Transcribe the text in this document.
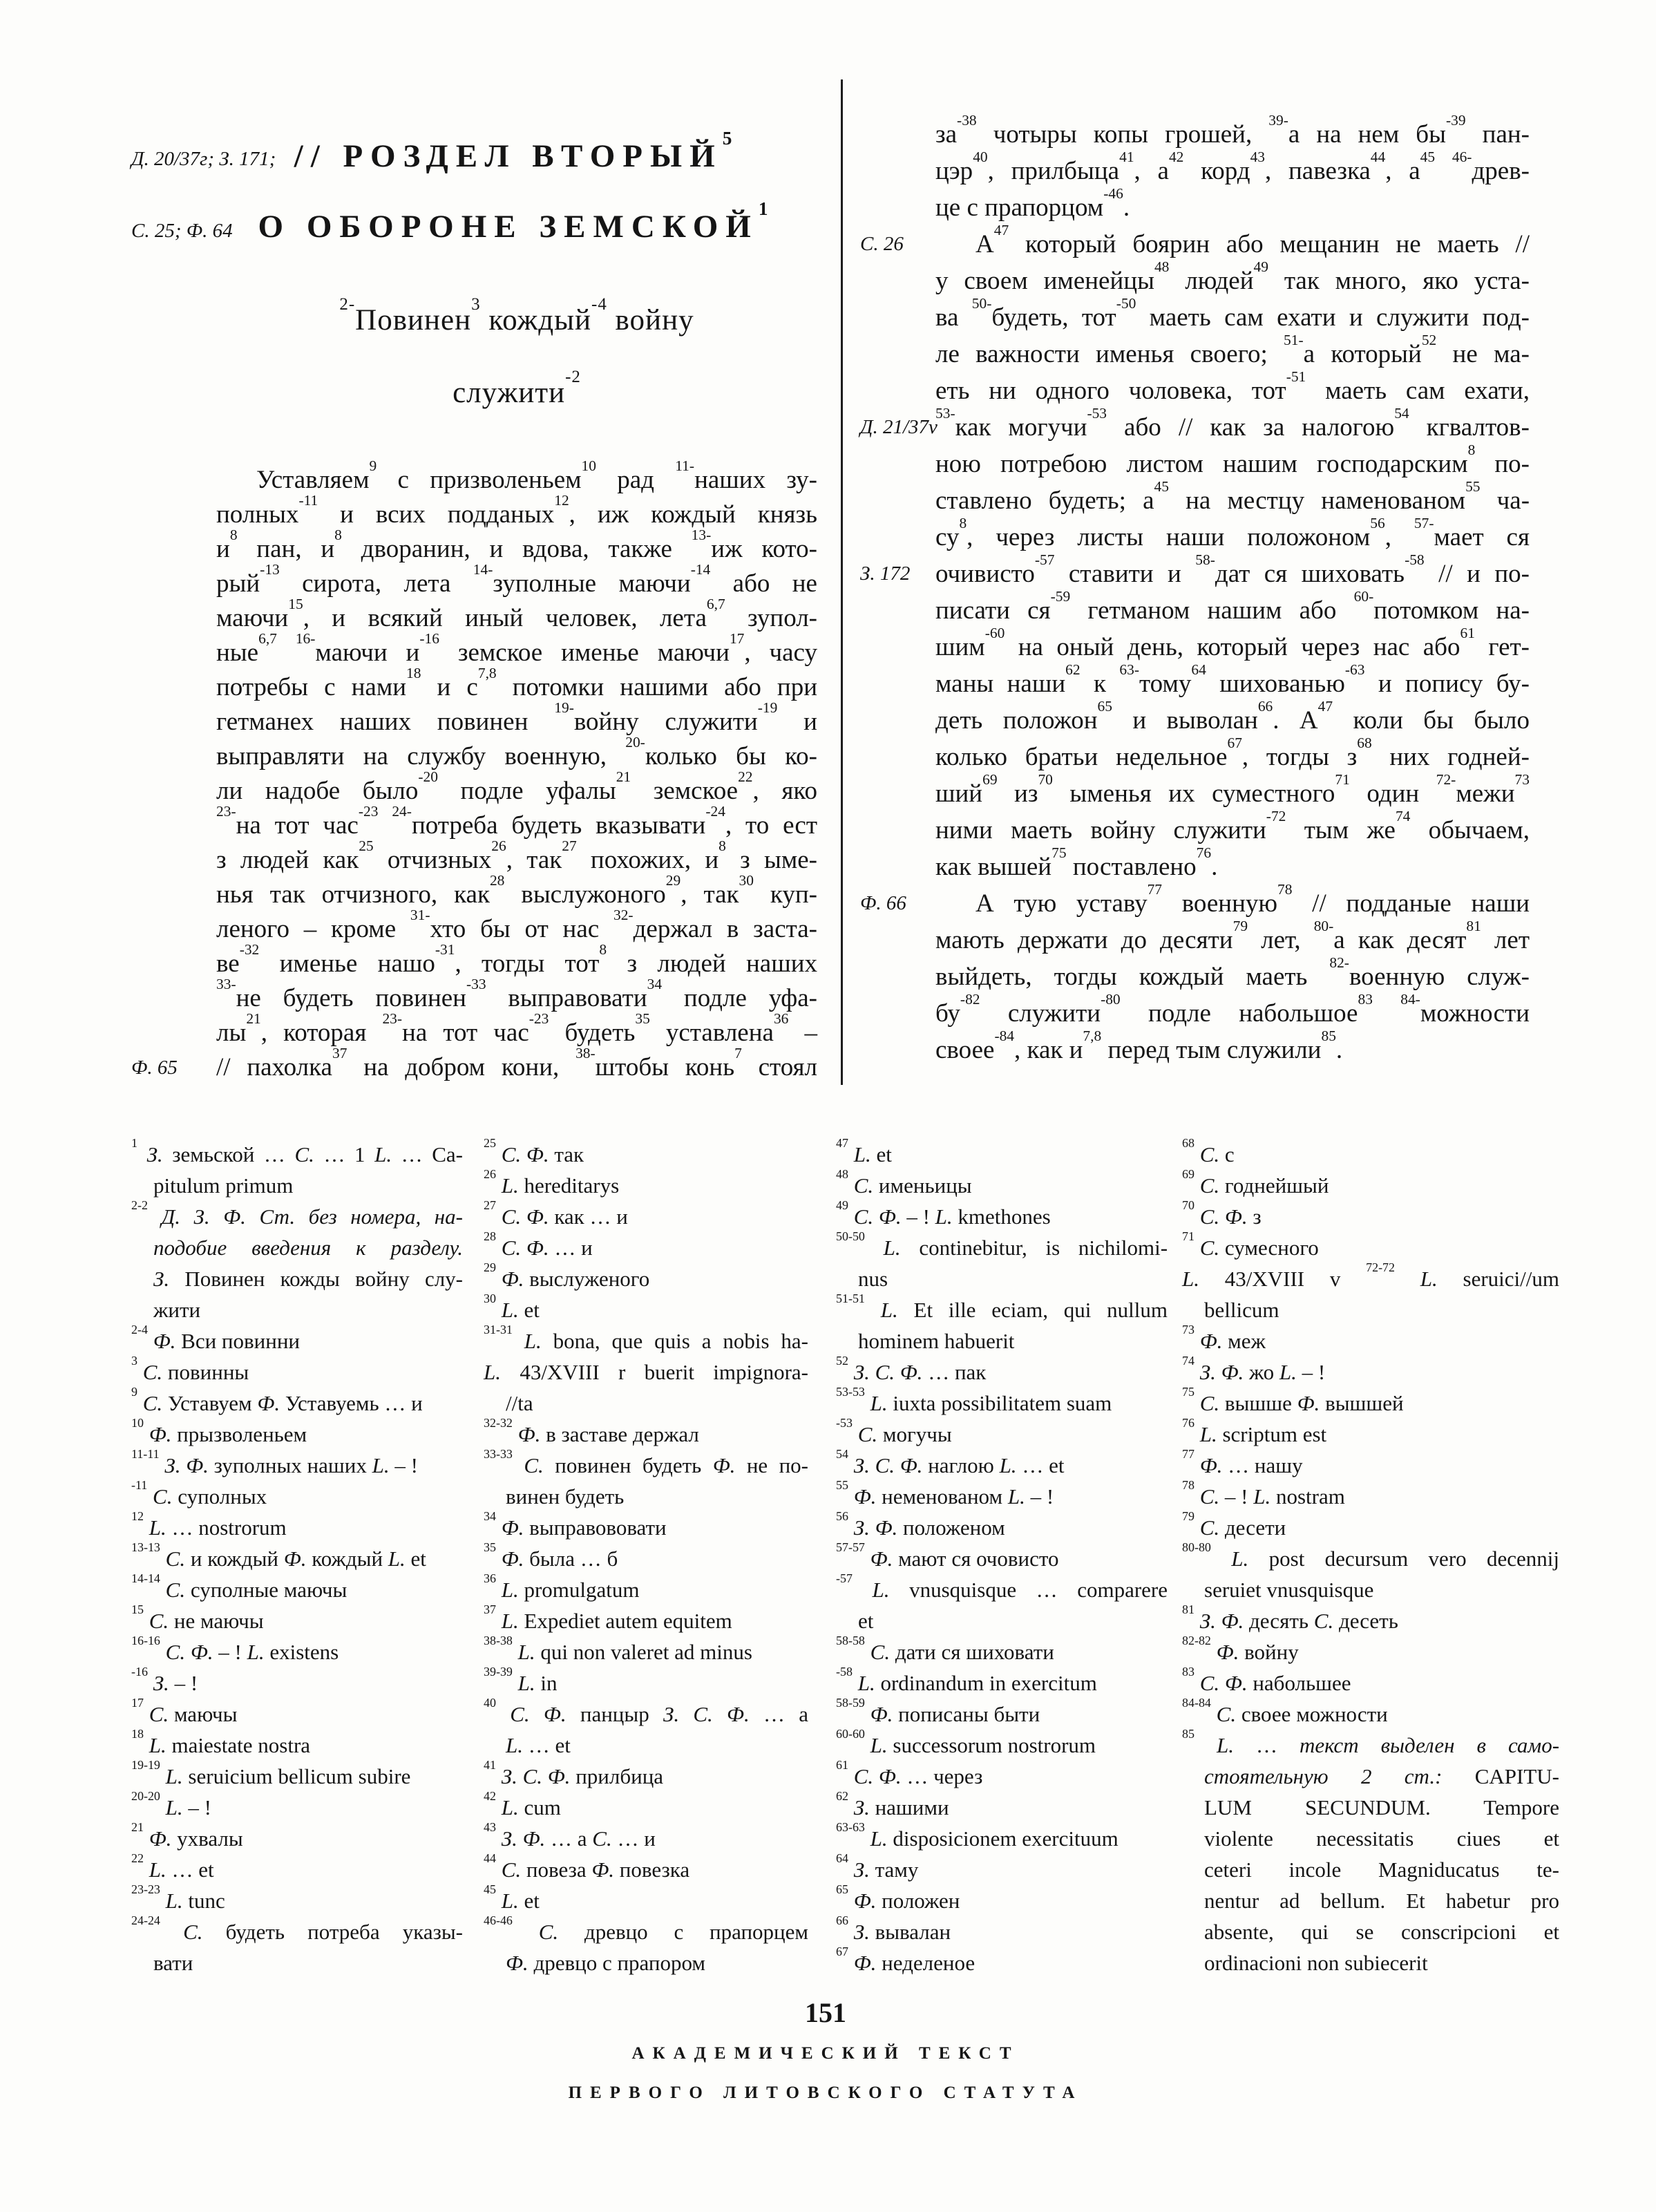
Д. 20/37г; З. 171;
С. 25; Ф. 64
// РОЗДЕЛ ВТОРЫЙ$^5$
О ОБОРОНЕ ЗЕМСКОЙ$^1$
$^{2-}$Повинен$^3$ кождый$^{-4}$ войну
служити$^{-2}$
Уставляем$^9$ с призволеньем$^{10}$ рад $^{11-}$наших зу-
полных$^{-11}$ и всих подданых$^{12}$, иж кождый князь
$и^8$ пан, $и^8$ дворанин, и вдова, также $^{13-}$иж кото-
рый$^{-13}$ сирота, лета $^{14-}$зуполные маючи$^{-14}$ або не
маючи$^{15}$, и всякий иный человек, лета$^{6,7}$ зупол-
ные$^{6,7}$ $^{16-}$маючи $и^{-16}$ земское именье маючи$^{17}$, часу
потребы с нами$^{18}$ и $с^{7,8}$ потомки нашими або при
гетманех наших повинен $^{19-}$войну служити$^{-19}$ и
выправляти на службу военную, $^{20-}$колько бы ко-
ли надобе было$^{-20}$ подле уфалы$^{21}$ земское$^{22}$, яко
$^{23-}$на тот час$^{-23}$ $^{24-}$потреба будеть вказывати$^{-24}$, то ест
з людей как$^{25}$ отчизных$^{26}$, так$^{27}$ похожих, $и^8$ з ыме-
нья так отчизного, как$^{28}$ выслужоного$^{29}$, так$^{30}$ куп-
леного – кроме $^{31-}$хто бы от нас $^{32-}$держал в заста-
$ве^{-32}$ именье нашо$^{-31}$, тогды тот$^8$ з людей наших
$^{33-}$не будеть повинен$^{-33}$ выправовати$^{34}$ подле уфа-
$лы^{21}$, которая $^{23-}$на тот час$^{-23}$ будеть$^{35}$ уставлена$^{36}$ –
// пахолка$^{37}$ на добром кони, $^{38-}$штобы конь$^7$ стоял
$за^{-38}$ чотыры копы грошей, $^{39-}$а на нем $бы^{-39}$ пан-
цэр$^{40}$, прилбыца$^{41}$, $а^{42}$ корд$^{43}$, павезка$^{44}$, $а^{45}$ $^{46-}$древ-
це с прапорцом$^{-46}$.
$А^{47}$ который боярин або мещанин не маеть //
у своем именейцы$^{48}$ людей$^{49}$ так много, яко уста-
ва $^{50-}$будеть, тот$^{-50}$ маеть сам ехати и служити под-
ле важности именья своего; $^{51-}$а который$^{52}$ не ма-
еть ни одного чоловека, тот$^{-51}$ маеть сам ехати,
$^{53-}$как могучи$^{-53}$ або // как за налогою$^{54}$ кгвалтов-
ною потребою листом нашим господарским$^8$ по-
ставлено будеть; $а^{45}$ на местцу наменованом$^{55}$ ча-
$су^8$, через листы наши положоном$^{56}$, $^{57-}$мает ся
очивисто$^{-57}$ ставити и $^{58-}$дат ся шиховать$^{-58}$ // и по-
писати $ся^{-59}$ гетманом нашим або $^{60-}$потомком на-
шим$^{-60}$ на оный день, который через нас або$^{61}$ гет-
маны наши$^{62}$ к $^{63-}$тому$^{64}$ шихованью$^{-63}$ и попису бу-
деть положон$^{65}$ и выволан$^{66}$. $А^{47}$ коли бы было
колько братьи недельное$^{67}$, тогды $з^{68}$ них годней-
ший$^{69}$ $из^{70}$ ыменья их суместного$^{71}$ один $^{72-}$межи$^{73}$
ними маеть войну служити$^{-72}$ тым $же^{74}$ обычаем,
как вышей$^{75}$ поставлено$^{76}$.
А тую уставу$^{77}$ военную$^{78}$ // подданые наши
мають держати до десяти$^{79}$ лет, $^{80-}$а как десят$^{81}$ лет
выйдеть, тогды кождый маеть $^{82-}$военную служ-
$бу^{-82}$ служити$^{-80}$ подле набольшое$^{83}$ $^{84-}$можности
своее$^{-84}$, как $и^{7,8}$ перед тым служили$^{85}$.
Ф. 65
С. 26
Д. 21/37v
З. 172
Ф. 66
$^1$ З. земьской … С. … 1 L. … Ca-
pitulum primum
$^{2-2}$ Д. З. Ф. Ст. без номера, на-
подобие введения к разделу.
З. Повинен кожды войну слу-
жити
$^{2-4}$ Ф. Вси повинни
$^3$ С. повинны
$^9$ С. Уставуем Ф. Уставуемь … и
$^{10}$ Ф. прызволеньем
$^{11-11}$ З. Ф. зуполных наших L. – !
$^{-11}$ С. суполных
$^{12}$ L. … nostrorum
$^{13-13}$ С. и кождый Ф. кождый L. et
$^{14-14}$ С. суполные маючы
$^{15}$ С. не маючы
$^{16-16}$ С. Ф. – ! L. existens
$^{-16}$ З. – !
$^{17}$ С. маючы
$^{18}$ L. maiestate nostra
$^{19-19}$ L. seruicium bellicum subire
$^{20-20}$ L. – !
$^{21}$ Ф. ухвалы
$^{22}$ L. … et
$^{23-23}$ L. tunc
$^{24-24}$ С. будеть потреба указы-
вати
$^{25}$ С. Ф. так
$^{26}$ L. hereditarys
$^{27}$ С. Ф. как … и
$^{28}$ С. Ф. … и
$^{29}$ Ф. выслуженого
$^{30}$ L. et
$^{31-31}$ L. bona, que quis a nobis ha-
L. 43/XVIII r buerit impignora-
//ta
$^{32-32}$ Ф. в заставе держал
$^{33-33}$ С. повинен будеть Ф. не по-
винен будеть
$^{34}$ Ф. выправововати
$^{35}$ Ф. была … б
$^{36}$ L. promulgatum
$^{37}$ L. Expediet autem equitem
$^{38-38}$ L. qui non valeret ad minus
$^{39-39}$ L. in
$^{40}$ С. Ф. панцыр З. С. Ф. … а
L. … et
$^{41}$ З. С. Ф. прилбица
$^{42}$ L. cum
$^{43}$ З. Ф. … а С. … и
$^{44}$ С. повеза Ф. повезка
$^{45}$ L. et
$^{46-46}$ С. древцо с прапорцем
Ф. древцо с прапором
$^{47}$ L. et
$^{48}$ С. именьицы
$^{49}$ С. Ф. – ! L. kmethones
$^{50-50}$ L. continebitur, is nichilomi-
nus
$^{51-51}$ L. Et ille eciam, qui nullum
hominem habuerit
$^{52}$ З. С. Ф. … пак
$^{53-53}$ L. iuxta possibilitatem suam
$^{-53}$ С. могучы
$^{54}$ З. С. Ф. наглою L. … et
$^{55}$ Ф. неменованом L. – !
$^{56}$ З. Ф. положеном
$^{57-57}$ Ф. мают ся очовисто
$^{-57}$ L. vnusquisque … comparere
et
$^{58-58}$ С. дати ся шиховати
$^{-58}$ L. ordinandum in exercitum
$^{58-59}$ Ф. пописаны быти
$^{60-60}$ L. successorum nostrorum
$^{61}$ С. Ф. … через
$^{62}$ З. нашими
$^{63-63}$ L. disposicionem exercituum
$^{64}$ З. таму
$^{65}$ Ф. положен
$^{66}$ З. вывалан
$^{67}$ Ф. неделеное
$^{68}$ С. с
$^{69}$ С. годнейшый
$^{70}$ С. Ф. з
$^{71}$ С. сумесного
L. 43/XVIII v $^{72-72}$ L. seruici//um
bellicum
$^{73}$ Ф. меж
$^{74}$ З. Ф. жо L. – !
$^{75}$ С. вышше Ф. вышшей
$^{76}$ L. scriptum est
$^{77}$ Ф. … нашу
$^{78}$ С. – ! L. nostram
$^{79}$ С. десети
$^{80-80}$ L. post decursum vero decennij
seruiet vnusquisque
$^{81}$ З. Ф. десять С. десеть
$^{82-82}$ Ф. войну
$^{83}$ С. Ф. набольшее
$^{84-84}$ С. своее можности
$^{85}$ L. … текст выделен в само-
стоятельную 2 ст.: CAPITU-
LUM SECUNDUM. Tempore
violente necessitatis ciues et
ceteri incole Magniducatus te-
nentur ad bellum. Et habetur pro
absente, qui se conscripcioni et
ordinacioni non subiecerit
151
АКАДЕМИЧЕСКИЙ ТЕКСТ
ПЕРВОГО ЛИТОВСКОГО СТАТУТА
